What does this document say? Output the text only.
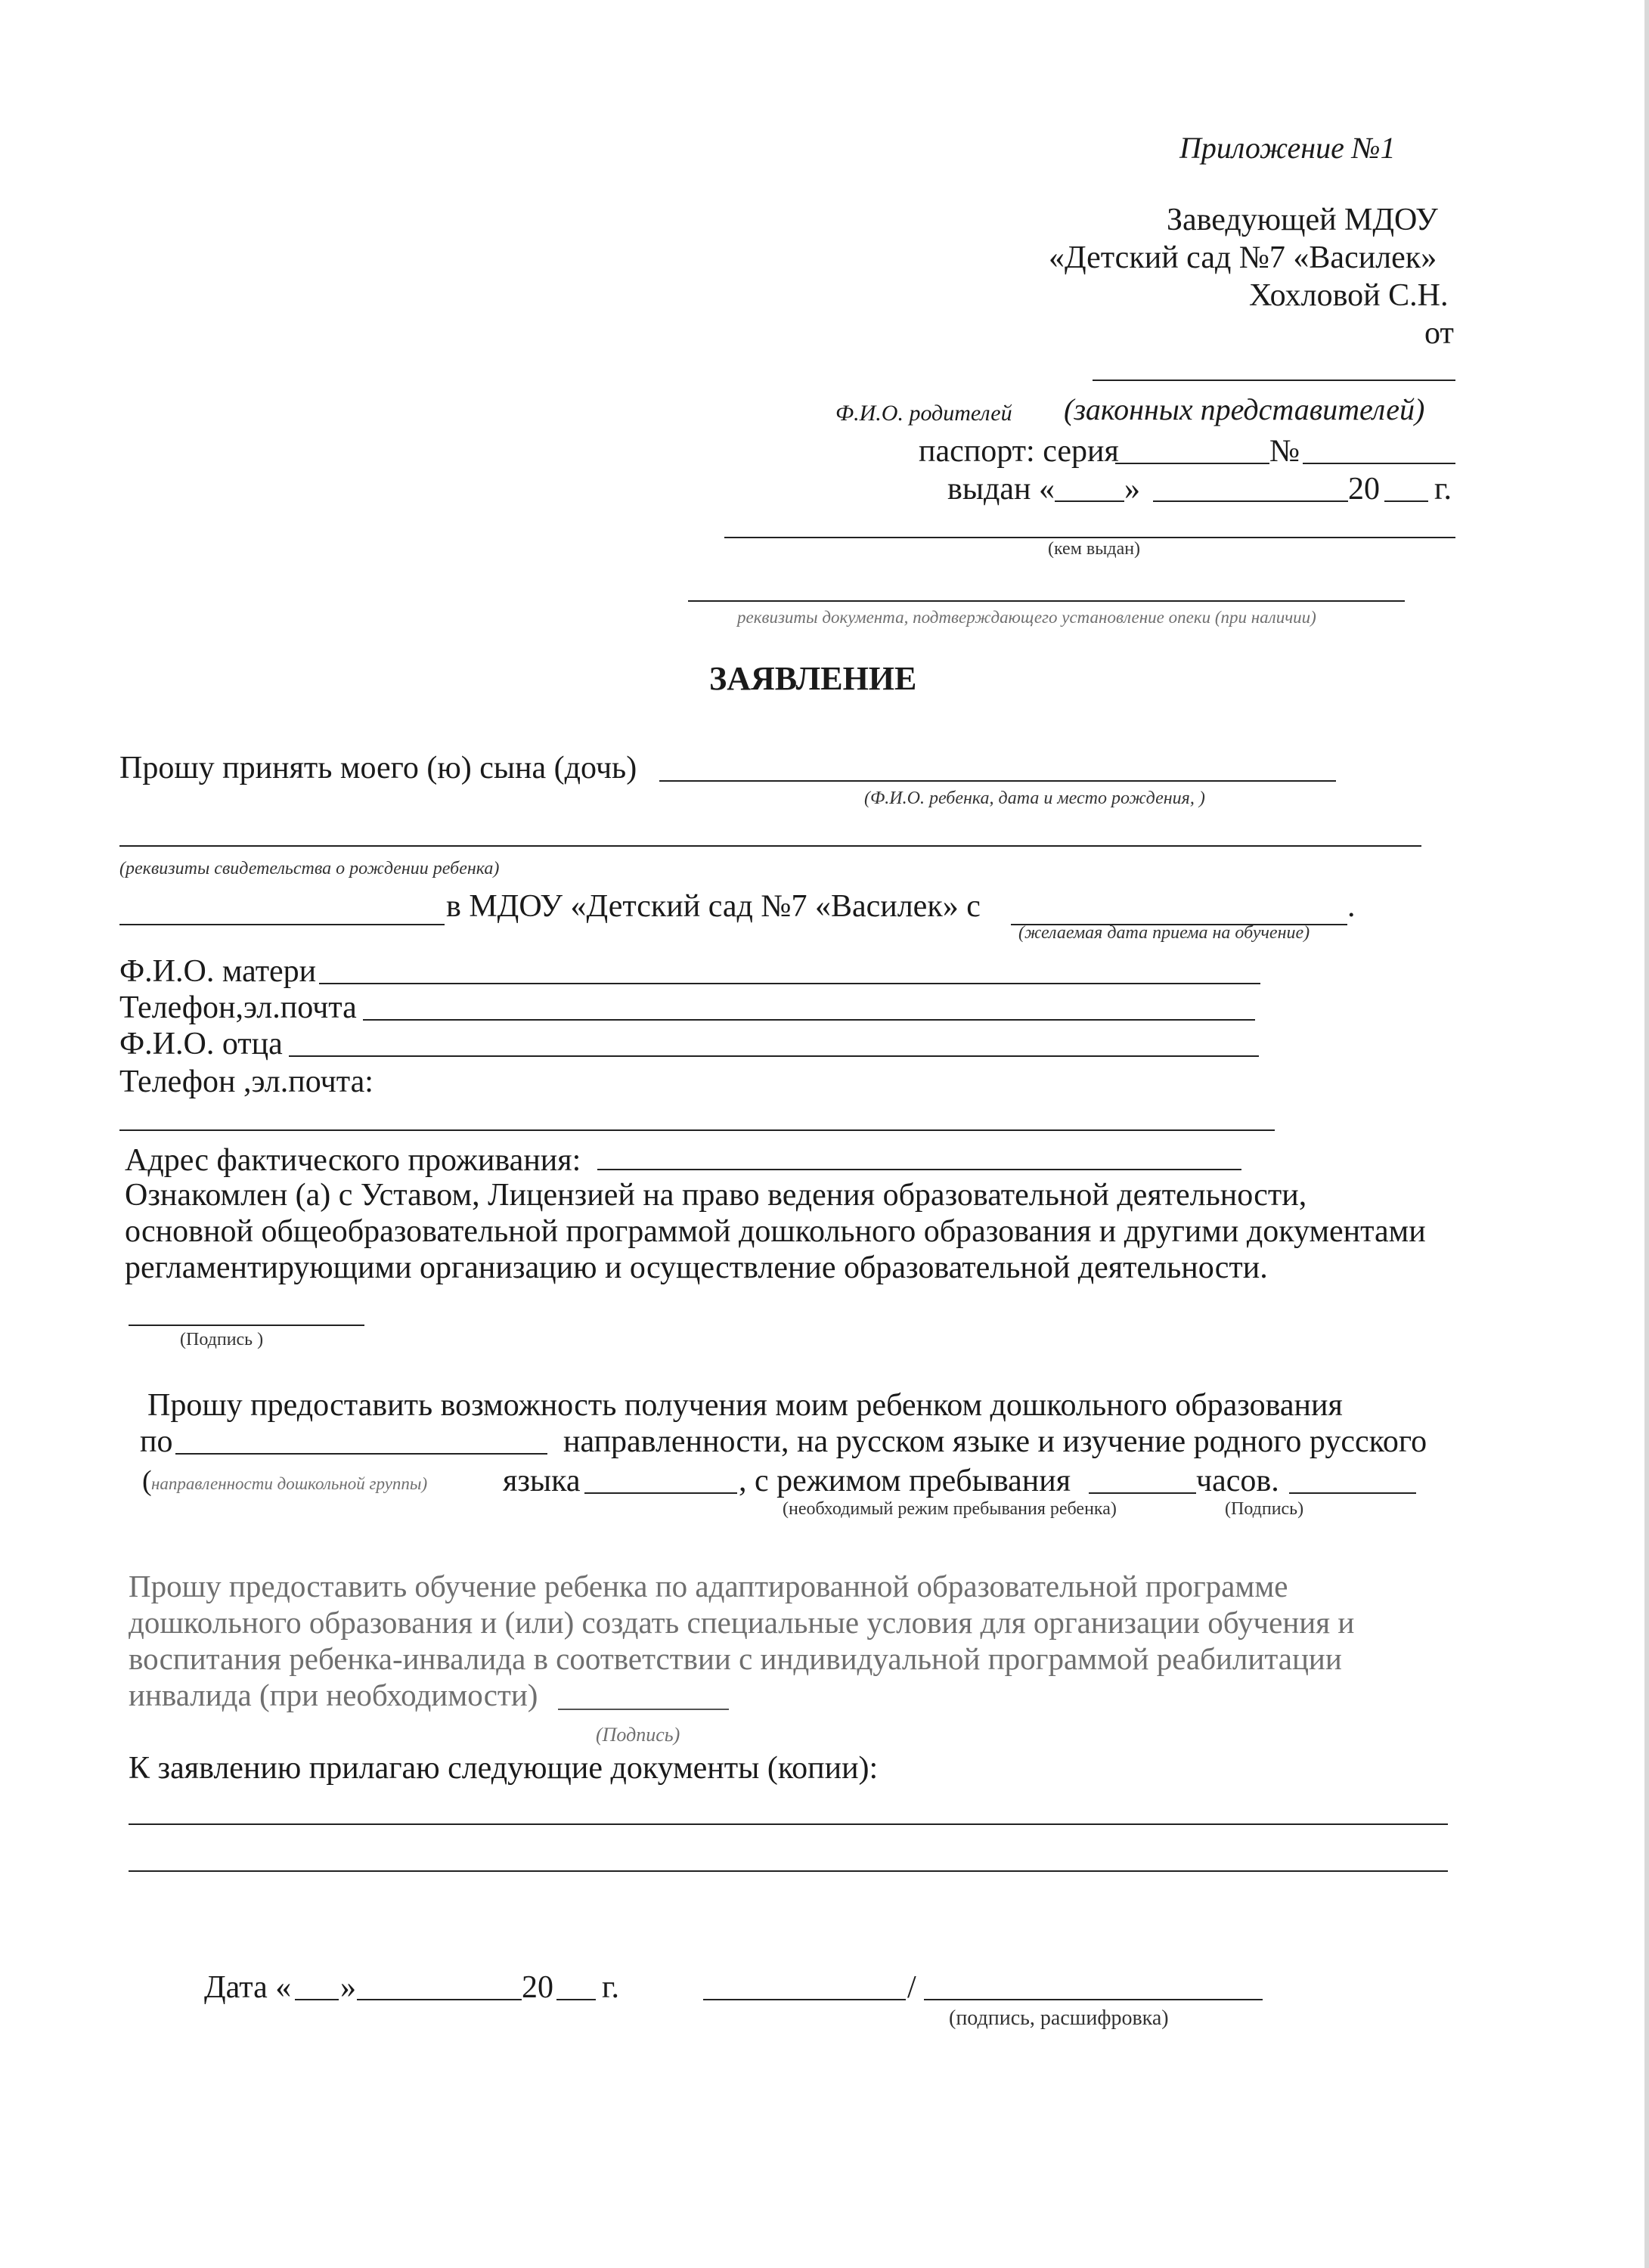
Приложение №1
Заведующей МДОУ
«Детский сад №7 «Василек»
Хохловой С.Н.
от
Ф.И.О. родителей (законных представителей)
паспорт: серия	№
выдан « »	20 г.
(кем выдан)
реквизиты документа, подтверждающего установление опеки (при наличии)
ЗАЯВЛЕНИЕ
Прошу принять моего (ю) сына (дочь)
(Ф.И.О. ребенка, дата и место рождения, )
(реквизиты свидетельства о рождении ребенка)
в МДОУ «Детский сад №7 «Василек» с	.
(желаемая дата приема на обучение)
Ф.И.О. матери
Телефон,эл.почта
Ф.И.О. отца
Телефон ,эл.почта:
Адрес фактического проживания:
Ознакомлен (а) с Уставом, Лицензией на право ведения образовательной деятельности,
основной общеобразовательной программой дошкольного образования и другими документами
регламентирующими организацию и осуществление образовательной деятельности.
(Подпись )
Прошу предоставить возможность получения моим ребенком дошкольного образования
по	направленности, на русском языке и изучение родного русского
( направленности дошкольной группы) языка	, с режимом пребывания	часов.
(необходимый режим пребывания ребенка)	(Подпись)
Прошу предоставить обучение ребенка по адаптированной образовательной программе
дошкольного образования и (или) создать специальные условия для организации обучения и
воспитания ребенка-инвалида в соответствии с индивидуальной программой реабилитации
инвалида (при необходимости)
(Подпись)
К заявлению прилагаю следующие документы (копии):
Дата « »	20 г.	/
(подпись, расшифровка)
